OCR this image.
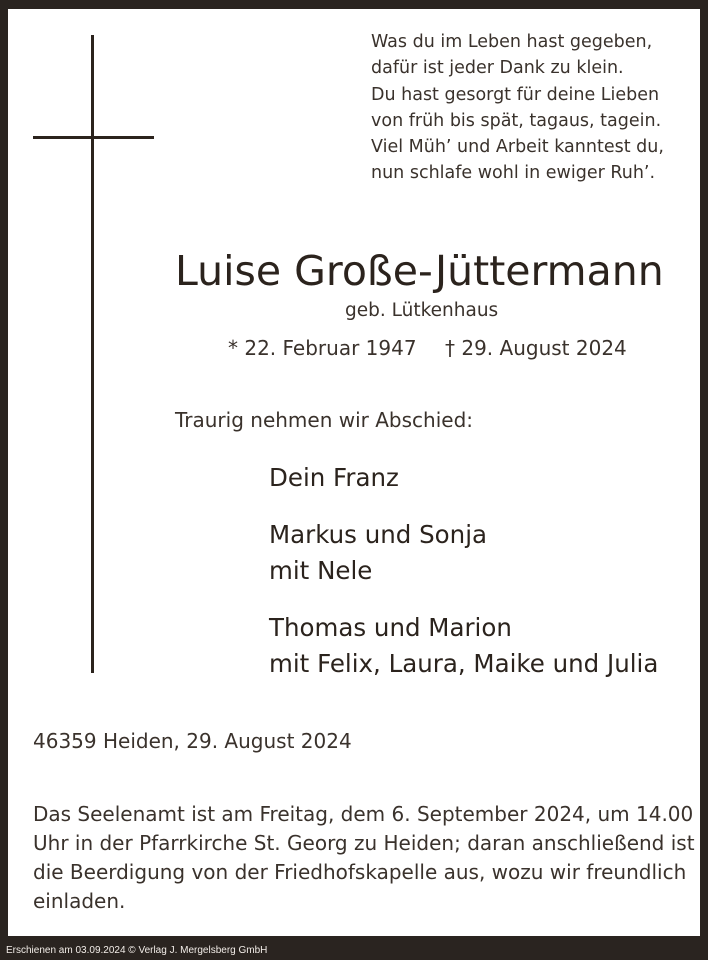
Was du im Leben hast gegeben,
dafür ist jeder Dank zu klein.
Du hast gesorgt für deine Lieben
von früh bis spät, tagaus, tagein.
Viel Müh’ und Arbeit kanntest du,
nun schlafe wohl in ewiger Ruh’.
Luise Große-Jüttermann
geb. Lütkenhaus
* 22. Februar 1947 † 29. August 2024
Traurig nehmen wir Abschied:
Dein Franz
Markus und Sonja
mit Nele
Thomas und Marion
mit Felix, Laura, Maike und Julia
46359 Heiden, 29. August 2024
Das Seelenamt ist am Freitag, dem 6. September 2024, um 14.00
Uhr in der Pfarrkirche St. Georg zu Heiden; daran anschließend ist
die Beerdigung von der Friedhofskapelle aus, wozu wir freundlich
einladen.
Erschienen am 03.09.2024 © Verlag J. Mergelsberg GmbH
